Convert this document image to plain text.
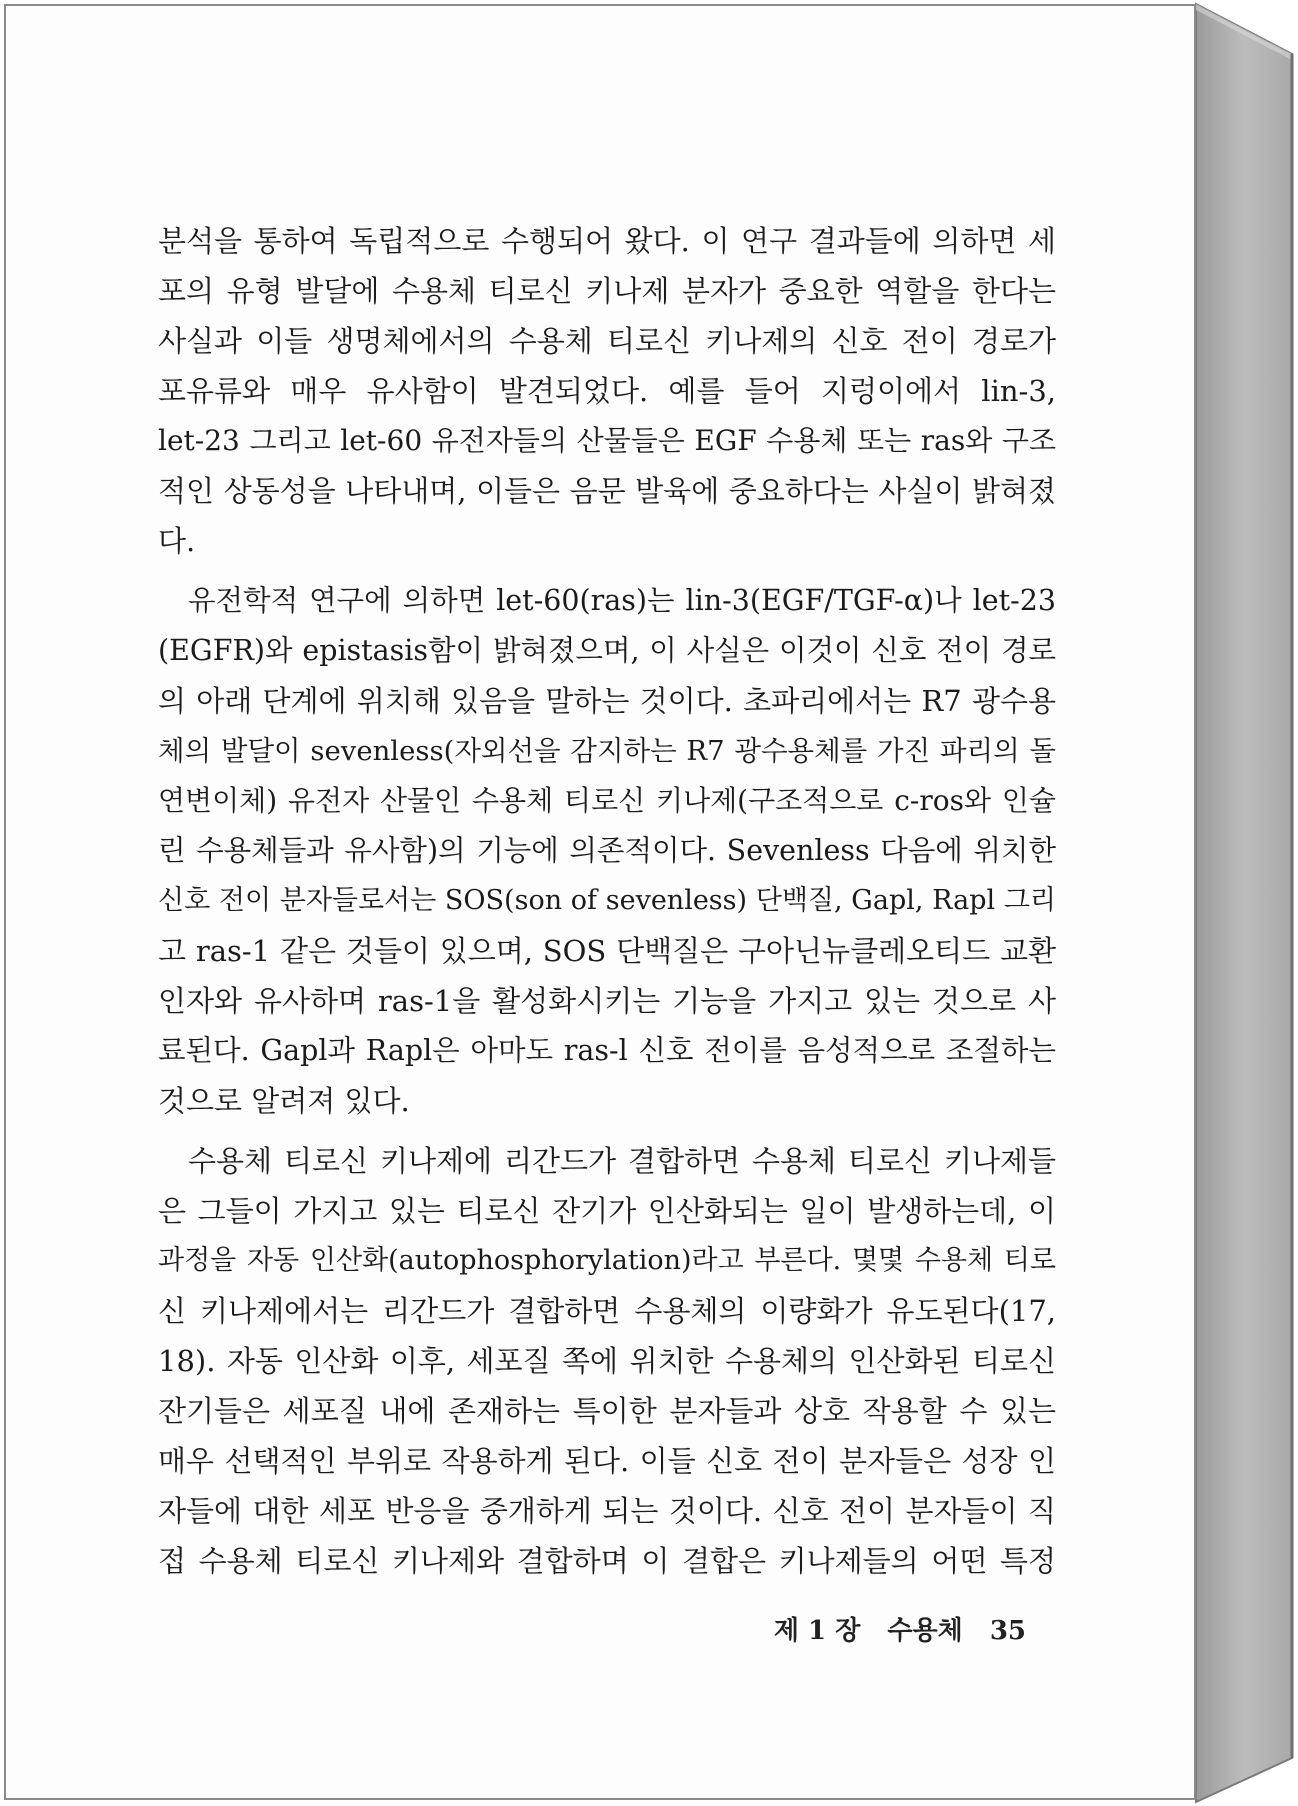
분석을 통하여 독립적으로 수행되어 왔다. 이 연구 결과들에 의하면 세
포의 유형 발달에 수용체 티로신 키나제 분자가 중요한 역할을 한다는
사실과 이들 생명체에서의 수용체 티로신 키나제의 신호 전이 경로가
포유류와 매우 유사함이 발견되었다. 예를 들어 지렁이에서 lin-3,
let-23 그리고 let-60 유전자들의 산물들은 EGF 수용체 또는 ras와 구조
적인 상동성을 나타내며, 이들은 음문 발육에 중요하다는 사실이 밝혀졌
다.
유전학적 연구에 의하면 let-60(ras)는 lin-3(EGF/TGF-α)나 let-23
(EGFR)와 epistasis함이 밝혀졌으며, 이 사실은 이것이 신호 전이 경로
의 아래 단계에 위치해 있음을 말하는 것이다. 초파리에서는 R7 광수용
체의 발달이 sevenless(자외선을 감지하는 R7 광수용체를 가진 파리의 돌
연변이체) 유전자 산물인 수용체 티로신 키나제(구조적으로 c-ros와 인슐
린 수용체들과 유사함)의 기능에 의존적이다. Sevenless 다음에 위치한
신호 전이 분자들로서는 SOS(son of sevenless) 단백질, Gapl, Rapl 그리
고 ras-1 같은 것들이 있으며, SOS 단백질은 구아닌뉴클레오티드 교환
인자와 유사하며 ras-1을 활성화시키는 기능을 가지고 있는 것으로 사
료된다. Gapl과 Rapl은 아마도 ras-l 신호 전이를 음성적으로 조절하는
것으로 알려져 있다.
수용체 티로신 키나제에 리간드가 결합하면 수용체 티로신 키나제들
은 그들이 가지고 있는 티로신 잔기가 인산화되는 일이 발생하는데, 이
과정을 자동 인산화(autophosphorylation)라고 부른다. 몇몇 수용체 티로
신 키나제에서는 리간드가 결합하면 수용체의 이량화가 유도된다(17,
18). 자동 인산화 이후, 세포질 쪽에 위치한 수용체의 인산화된 티로신
잔기들은 세포질 내에 존재하는 특이한 분자들과 상호 작용할 수 있는
매우 선택적인 부위로 작용하게 된다. 이들 신호 전이 분자들은 성장 인
자들에 대한 세포 반응을 중개하게 되는 것이다. 신호 전이 분자들이 직
접 수용체 티로신 키나제와 결합하며 이 결합은 키나제들의 어떤 특정
제 1 장 수용체 35
